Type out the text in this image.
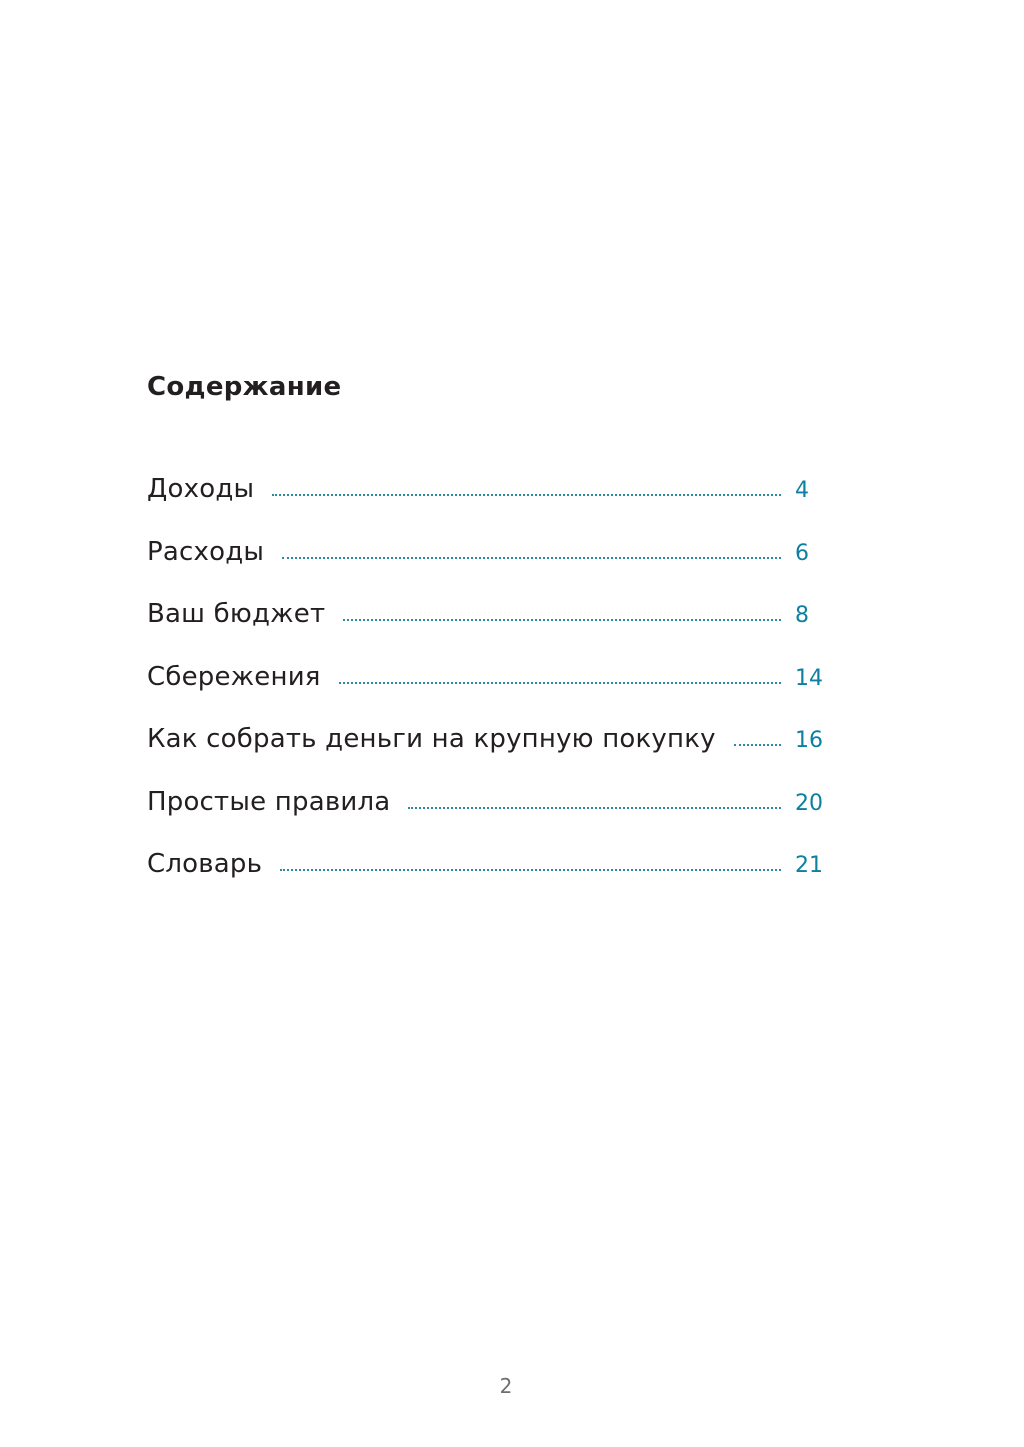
Содержание
Доходы	4
Расходы	6
Ваш бюджет	8
Сбережения	14
Как собрать деньги на крупную покупку	16
Простые правила	20
Словарь	21
2
